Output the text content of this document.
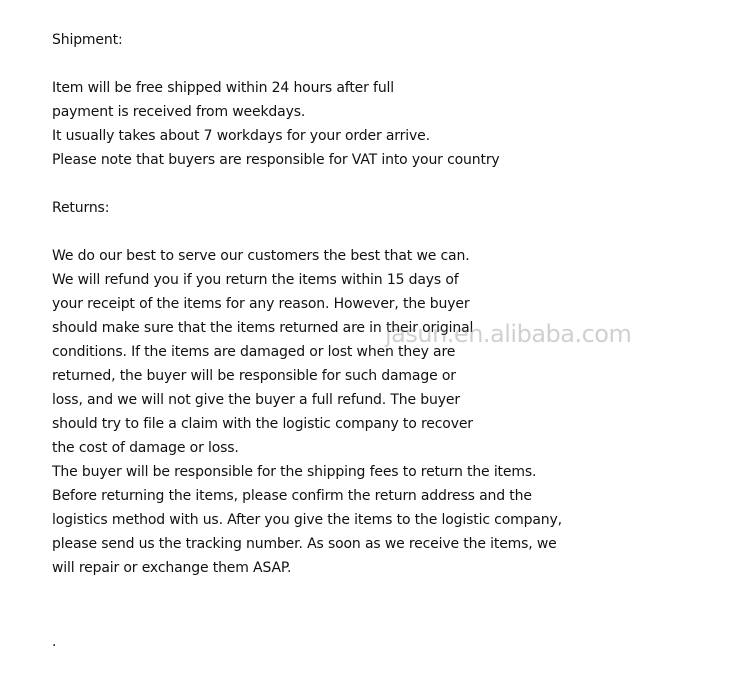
Shipment:
Item will be free shipped within 24 hours after full
payment is received from weekdays.
It usually takes about 7 workdays for your order arrive.
Please note that buyers are responsible for VAT into your country
Returns:
We do our best to serve our customers the best that we can.
We will refund you if you return the items within 15 days of
your receipt of the items for any reason. However, the buyer
should make sure that the items returned are in their original
conditions. If the items are damaged or lost when they are
returned, the buyer will be responsible for such damage or
loss, and we will not give the buyer a full refund. The buyer
should try to file a claim with the logistic company to recover
the cost of damage or loss.
The buyer will be responsible for the shipping fees to return the items.
Before returning the items, please confirm the return address and the
logistics method with us. After you give the items to the logistic company,
please send us the tracking number. As soon as we receive the items, we
will repair or exchange them ASAP.
jasun.en.alibaba.com
.
